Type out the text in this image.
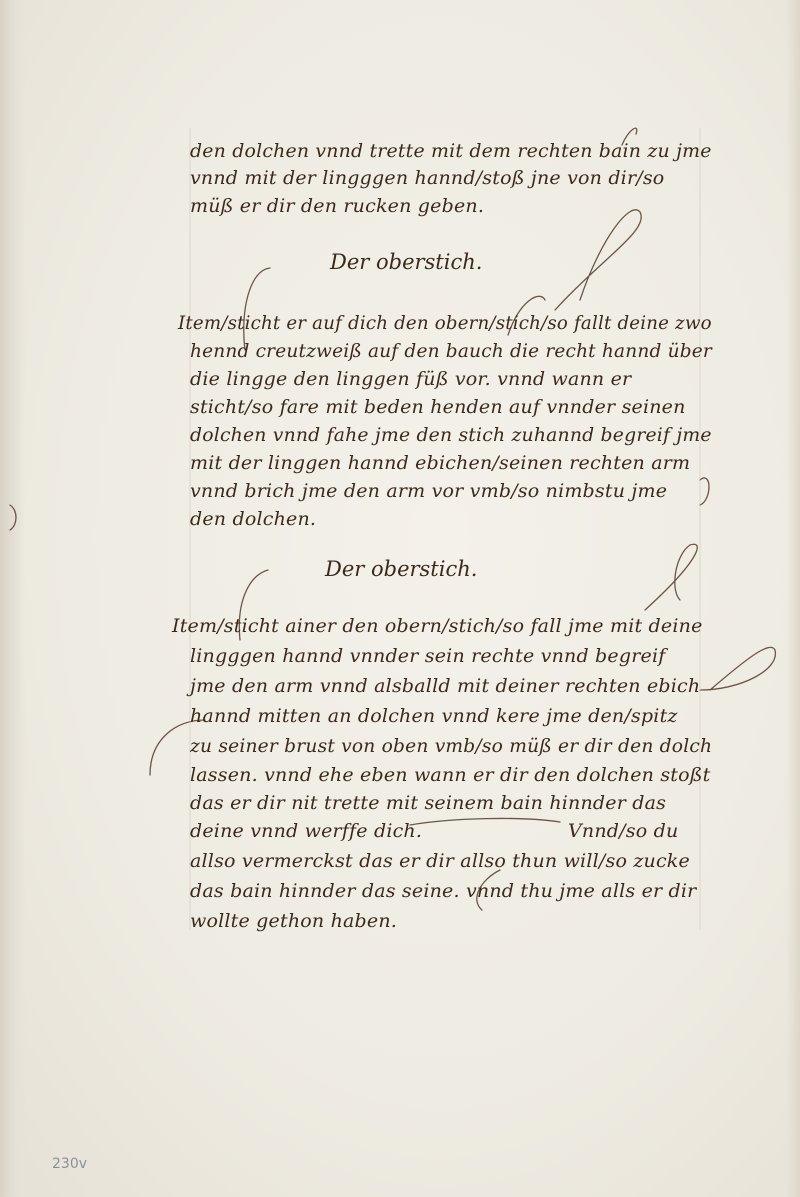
den dolchen vnnd trette mit dem rechten bain zu jme
vnnd mit der lingggen hannd/stoß jne von dir/so
müß er dir den rucken geben.
Der oberstich.
Item/sticht er auf dich den obern/stich/so fallt deine zwo
hennd creutzweiß auf den bauch die recht hannd über
die lingge den linggen füß vor. vnnd wann er
sticht/so fare mit beden henden auf vnnder seinen
dolchen vnnd fahe jme den stich zuhannd begreif jme
mit der linggen hannd ebichen/seinen rechten arm
vnnd brich jme den arm vor vmb/so nimbstu jme
den dolchen.
Der oberstich.
Item/sticht ainer den obern/stich/so fall jme mit deine
lingggen hannd vnnder sein rechte vnnd begreif
jme den arm vnnd alsballd mit deiner rechten ebich
hannd mitten an dolchen vnnd kere jme den/spitz
zu seiner brust von oben vmb/so müß er dir den dolch
lassen. vnnd ehe eben wann er dir den dolchen stoßt
das er dir nit trette mit seinem bain hinnder das
deine vnnd werffe dich.	Vnnd/so du
allso vermerckst das er dir allso thun will/so zucke
das bain hinnder das seine. vnnd thu jme alls er dir
wollte gethon haben.
230v
